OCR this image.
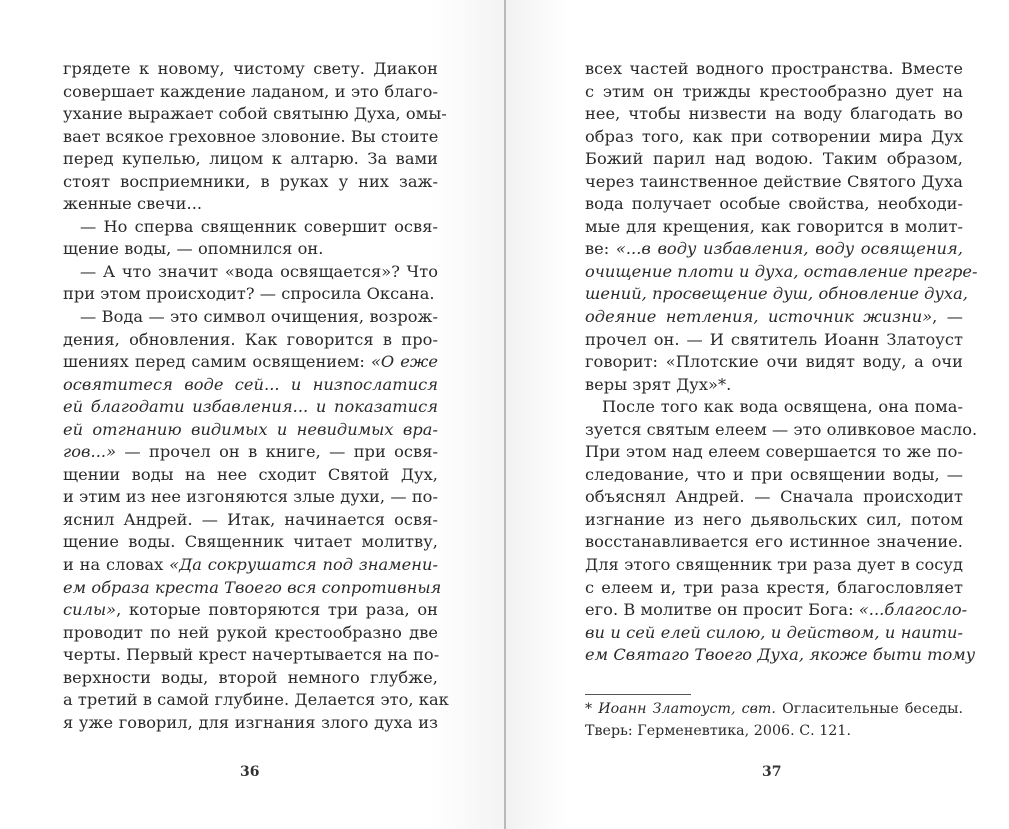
грядете к новому, чистому свету. Диакон
совершает каждение ладаном, и это благо-
ухание выражает собой святыню Духа, омы-
вает всякое греховное зловоние. Вы стоите
перед купелью, лицом к алтарю. За вами
стоят восприемники, в руках у них заж-
женные свечи...
— Но сперва священник совершит освя-
щение воды, — опомнился он.
— А что значит «вода освящается»? Что
при этом происходит? — спросила Оксана.
— Вода — это символ очищения, возрож-
дения, обновления. Как говорится в про-
шениях перед самим освящением: «О еже
освятитеся воде сей... и низпослатися
ей благодати избавления... и показатися
ей отгнанию видимых и невидимых вра-
гов...» — прочел он в книге, — при освя-
щении воды на нее сходит Святой Дух,
и этим из нее изгоняются злые духи, — по-
яснил Андрей. — Итак, начинается освя-
щение воды. Священник читает молитву,
и на словах «Да сокрушатся под знамени-
ем образа креста Твоего вся сопротивныя
силы», которые повторяются три раза, он
проводит по ней рукой крестообразно две
черты. Первый крест начертывается на по-
верхности воды, второй немного глубже,
а третий в самой глубине. Делается это, как
я уже говорил, для изгнания злого духа из
36
всех частей водного пространства. Вместе
с этим он трижды крестообразно дует на
нее, чтобы низвести на воду благодать во
образ того, как при сотворении мира Дух
Божий парил над водою. Таким образом,
через таинственное действие Святого Духа
вода получает особые свойства, необходи-
мые для крещения, как говорится в молит-
ве: «...в воду избавления, воду освящения,
очищение плоти и духа, оставление прегре-
шений, просвещение душ, обновление духа,
одеяние нетления, источник жизни», —
прочел он. — И святитель Иоанн Златоуст
говорит: «Плотские очи видят воду, а очи
веры зрят Дух»*.
После того как вода освящена, она пома-
зуется святым елеем — это оливковое масло.
При этом над елеем совершается то же по-
следование, что и при освящении воды, —
объяснял Андрей. — Сначала происходит
изгнание из него дьявольских сил, потом
восстанавливается его истинное значение.
Для этого священник три раза дует в сосуд
с елеем и, три раза крестя, благословляет
его. В молитве он просит Бога: «...благосло-
ви и сей елей силою, и действом, и наити-
ем Святаго Твоего Духа, якоже быти тому
* Иоанн Златоуст, свт. Огласительные беседы.
Тверь: Герменевтика, 2006. С. 121.
37
